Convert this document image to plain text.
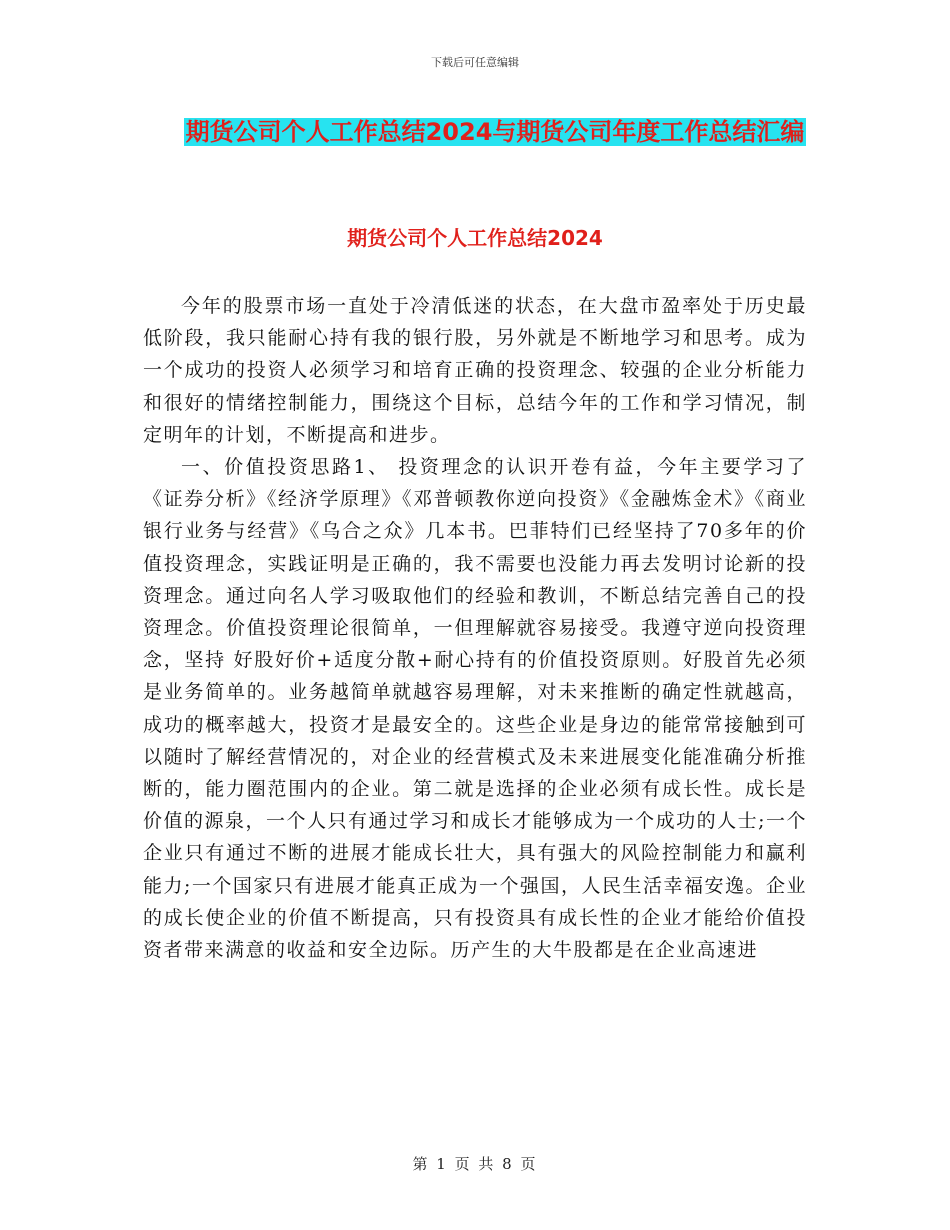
下载后可任意编辑
期货公司个人工作总结2024与期货公司年度工作总结汇编
期货公司个人工作总结2024

今年的股票市场一直处于冷清低迷的状态，在大盘市盈率处于历史最低阶段，我只能耐心持有我的银行股，另外就是不断地学习和思考。成为一个成功的投资人必须学习和培育正确的投资理念、较强的企业分析能力和很好的情绪控制能力，围绕这个目标，总结今年的工作和学习情况，制定明年的计划，不断提高和进步。

一、价值投资思路1、 投资理念的认识开卷有益，今年主要学习了《证券分析》《经济学原理》《邓普顿教你逆向投资》《金融炼金术》《商业银行业务与经营》《乌合之众》几本书。巴菲特们已经坚持了70多年的价值投资理念，实践证明是正确的，我不需要也没能力再去发明讨论新的投资理念。通过向名人学习吸取他们的经验和教训，不断总结完善自己的投资理念。价值投资理论很简单，一但理解就容易接受。我遵守逆向投资理念，坚持 好股好价+适度分散+耐心持有的价值投资原则。好股首先必须是业务简单的。业务越简单就越容易理解，对未来推断的确定性就越高，成功的概率越大，投资才是最安全的。这些企业是身边的能常常接触到可以随时了解经营情况的，对企业的经营模式及未来进展变化能准确分析推断的，能力圈范围内的企业。第二就是选择的企业必须有成长性。成长是价值的源泉，一个人只有通过学习和成长才能够成为一个成功的人士;一个企业只有通过不断的进展才能成长壮大，具有强大的风险控制能力和赢利能力;一个国家只有进展才能真正成为一个强国，人民生活幸福安逸。企业的成长使企业的价值不断提高，只有投资具有成长性的企业才能给价值投资者带来满意的收益和安全边际。历产生的大牛股都是在企业高速进

第 1 页 共 8 页
